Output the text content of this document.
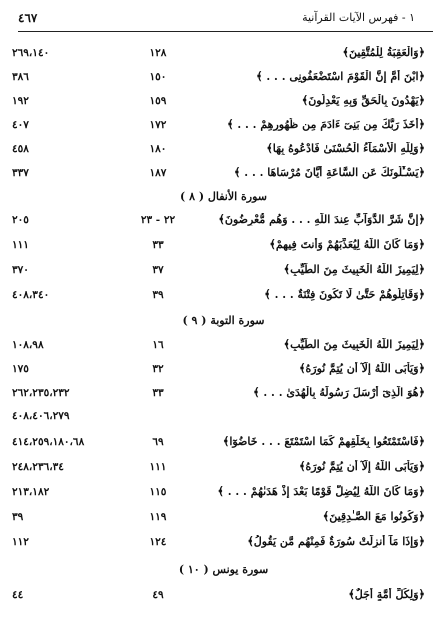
٤٦٧	١ - فهرس الآيات القرآنية
٢٦٩،١٤٠	١٢٨	﴿وَالْعَقِبَةُ لِلْمُتَّقِينَ﴾
٣٨٦	١٥٠	﴿ابْنَ أُمَّ إِنَّ الْقَوْمَ اسْتَضْعَفُونِى . . . ﴾
١٩٢	١٥٩	﴿يَهْدُونَ بِالْحَقِّ وَبِهِ يَعْدِلُونَ﴾
٤٠٧	١٧٢	﴿أَخَذَ رَبُّكَ مِن بَنِىٓ ءَادَمَ مِن ظُهُورِهِمْ . . . ﴾
٤٥٨	١٨٠	﴿وَلِلَّهِ الْأَسْمَآءُ الْحُسْنَىٰ فَادْعُوهُ بِهَا﴾
٣٣٧	١٨٧	﴿يَسْـَٔلُونَكَ عَنِ السَّاعَةِ أَيَّانَ مُرْسَاهَا . . . ﴾
سورة الأنفال ( ٨ )
٢٠٥	٢٢ - ٢٣	﴿إِنَّ شَرَّ الدَّوَآبِّ عِندَ اللَّهِ . . . وَهُم مُّعْرِضُونَ﴾
١١١	٣٣	﴿وَمَا كَانَ اللَّهُ لِيُعَذِّبَهُمْ وَأَنتَ فِيهِمْ﴾
٣٧٠	٣٧	﴿لِيَمِيزَ اللَّهُ الْخَبِيثَ مِنَ الطَّيِّبِ﴾
٤٠٨،٣٤٠	٣٩	﴿وَقَاتِلُوهُمْ حَتَّىٰ لَا تَكُونَ فِتْنَةٌ . . . ﴾
سورة التوبة ( ٩ )
١٠٨،٩٨	١٦	﴿لِيَمِيزَ اللَّهُ الْخَبِيثَ مِنَ الطَّيِّبِ﴾
١٧٥	٣٢	﴿وَيَأْبَى اللَّهُ إِلَّآ أَن يُتِمَّ نُورَهُ﴾
٢٦٢،٢٣٥،٢٣٢	٣٣	﴿هُوَ الَّذِىٓ أَرْسَلَ رَسُولَهُ بِالْهُدَىٰ . . . ﴾
٤٠٨،٤٠٦،٢٧٩
٤١٤،٢٥٩،١٨٠،٦٨	٦٩	﴿فَاسْتَمْتَعُوا بِخَلَٰقِهِمْ كَمَا اسْتَمْتَعَ . . . خَاضُوٓا﴾
٢٤٨،٢٣٦،٣٤	١١١	﴿وَيَأْبَى اللَّهُ إِلَّآ أَن يُتِمَّ نُورَهُ﴾
٢١٣،١٨٢	١١٥	﴿وَمَا كَانَ اللَّهُ لِيُضِلَّ قَوْمًا بَعْدَ إِذْ هَدَىٰهُمْ . . . ﴾
٣٩	١١٩	﴿وَكُونُوا مَعَ الصَّـٰدِقِينَ﴾
١١٢	١٢٤	﴿وَإِذَا مَآ أُنزِلَتْ سُورَةٌ فَمِنْهُم مَّن يَقُولُ﴾
سورة يونس ( ١٠ )
٤٤	٤٩	﴿وَلِكُلِّ أُمَّةٍ أَجَلٌ﴾
